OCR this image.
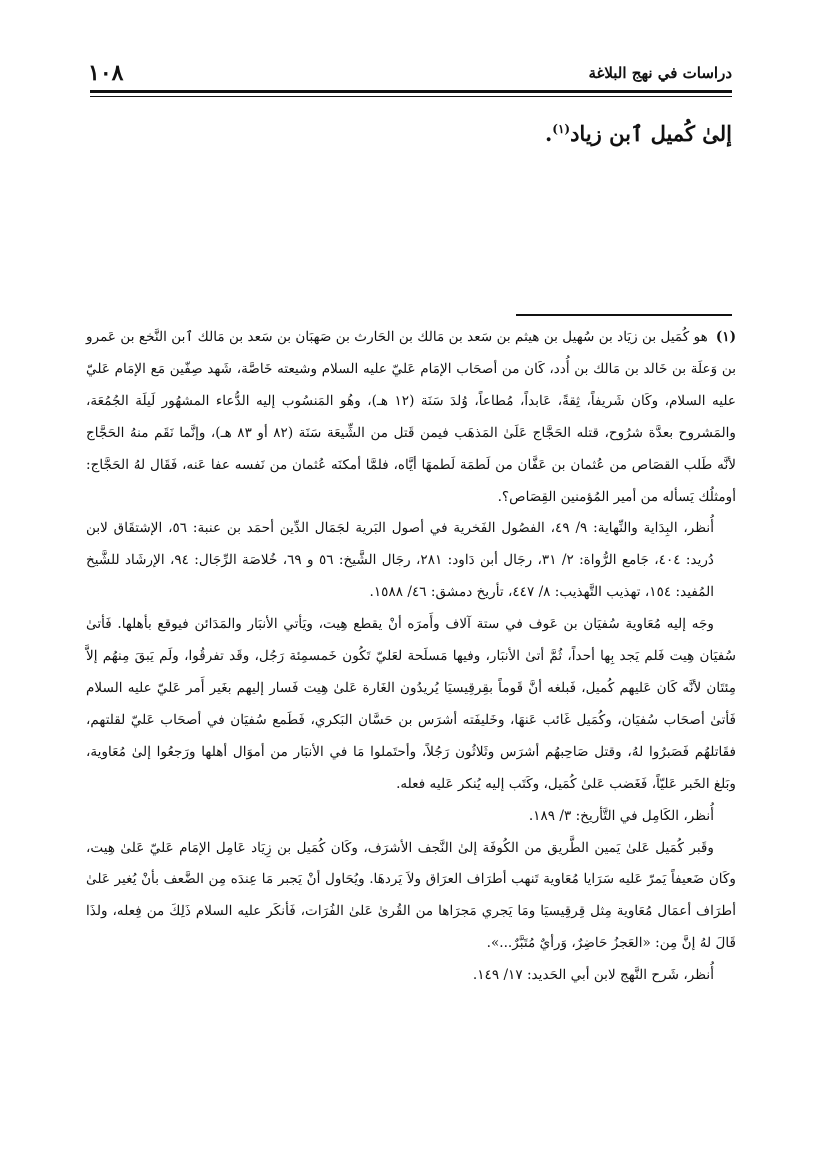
١٠٨	دراسات في نهج البلاغة
إلىٰ كُميل ٱبن زياد$^{(١)}$.

(١)هو كُمَيل بن زيَاد بن سُهيل بن هيثم بن سَعد بن مَالك بن الحَارث بن صَهبَان بن سَعد بن مَالك ٱبن النَّخع بن عَمرو بن وَعلَة بن خَالد بن مَالك بن أُدد، كَان من أصحَاب الإمَام عَليّ عليه السلام وشيعته خَاصَّة، شَهد صِفّين مَع الإمَام عَليّ عليه السلام، وكَان شَريفاً، ثِقةً، عَابداً، مُطاعاً، وُلدَ سَنَة (١٢ هـ)، وهُو المَنسُوب إليه الدُّعاء المشهُور لَيلَة الجُمُعَة، والمَشروح بعدَّة شرُوح، قتله الحَجَّاج عَلَىٰ المَذهَب فيمن قَتل من الشِّيعَة سَنَة (٨٢ أو ٨٣ هـ)، وإنَّما نَقَم منهُ الحَجَّاج لأنَّه طَلب القصَاص من عُثمان بن عَفَّان من لَطمَة لَطمهَا أيَّاه، فلمَّا أمكنَه عُثمان من نَفسه عفا عَنه، فَقَال لهُ الحَجَّاج: أومثلُك يَسأله من أمير المُؤمنين القِصَاص؟.

أُنظر، البِدَاية والنِّهاية: ٩/ ٤٩، الفصُول الفَخرية في أصول البَرية لجَمَال الدِّين أحمَد بن عنبة: ٥٦، الإشتقَاق لابن دُريد: ٤٠٤، جَامع الرُّواة: ٢/ ٣١، رجَال أبن دَاود: ٢٨١، رجَال الشَّيخ: ٥٦ و ٦٩، خُلاصَة الرِّجَال: ٩٤، الإرشَاد للشَّيخ المُفيد: ١٥٤، تهذيب التَّهذيب: ٨/ ٤٤٧، تأريخ دمشق: ٤٦/ ١٥٨٨.

وجَه إليه مُعَاوية سُفيَان بن عَوف في ستة آلاف وأَمرَه أنْ يقطع هِيت، ويَأتي الأنبَار والمَدَائن فيوقع بأهلها. فَأتىٰ سُفيَان هِيت فَلم يَجد بِها أحداً، ثُمَّ أتىٰ الأنبَار، وفيها مَسلَحة لعَليّ تَكُون خَمسمِئة رَجُل، وقَد تفرقُوا، ولَم يَبقَ مِنهُم إلاَّ مِئتَان لأنَّه كَان عَليهم كُميل، فَبلغه أنَّ قَوماً بقِرقِيسيَا يُريدُون الغَارة عَلىٰ هِيت فَسار إليهم بغَير أَمر عَليّ عليه السلام فَأتىٰ أصحَاب سُفيَان، وكُمَيل غَائب عَنهَا، وخَليفَته أشرَس بن حَسَّان البَكري، فَطَمع سُفيَان في أصحَاب عَليّ لقلتهم، فقَاتلهُم فَصَبرُوا لهُ، وقتل صَاحِبهُم أشرَس وثَلاثُون رَجُلاً، وأحتَملوا مَا في الأنبَار من أموَال أهلها ورَجعُوا إلىٰ مُعَاوية، وبَلغ الخَبر عَليّاً، فَغَضب عَلىٰ كُمَيل، وكَتَب إليه يُنكر عَليه فعله.

أُنظر، الكَامِل في التَّأريخ: ٣/ ١٨٩.

وقَبر كُمَيل عَلىٰ يَمين الطَّريق من الكُوفَة إلىٰ النَّجف الأشرَف، وكَان كُمَيل بن زِيَاد عَامِل الإمَام عَليّ عَلىٰ هِيت، وكَان ضَعيفاً يَمرّ عَليه سَرَايا مُعَاوية تَنهب أطرَاف العرَاق ولاَ يَردهَا. ويُحَاول أنْ يَجبر مَا عِندَه مِن الضَّعف بأنْ يُغير عَلىٰ أطرَاف أعمَال مُعَاوية مِثل قِرقِيسيَا ومَا يَجري مَجرَاها من القُرىٰ عَلىٰ الفُرَات، فَأنكَر عليه السلام ذَلِكَ من فِعله، ولذَا قَالَ لهُ إنَّ مِن: «العَجزُ حَاضِرٌ، وَرأيٌ مُتَبَّرٌ...».

أُنظر، شَرح النَّهج لابن أبي الحَديد: ١٧/ ١٤٩.
